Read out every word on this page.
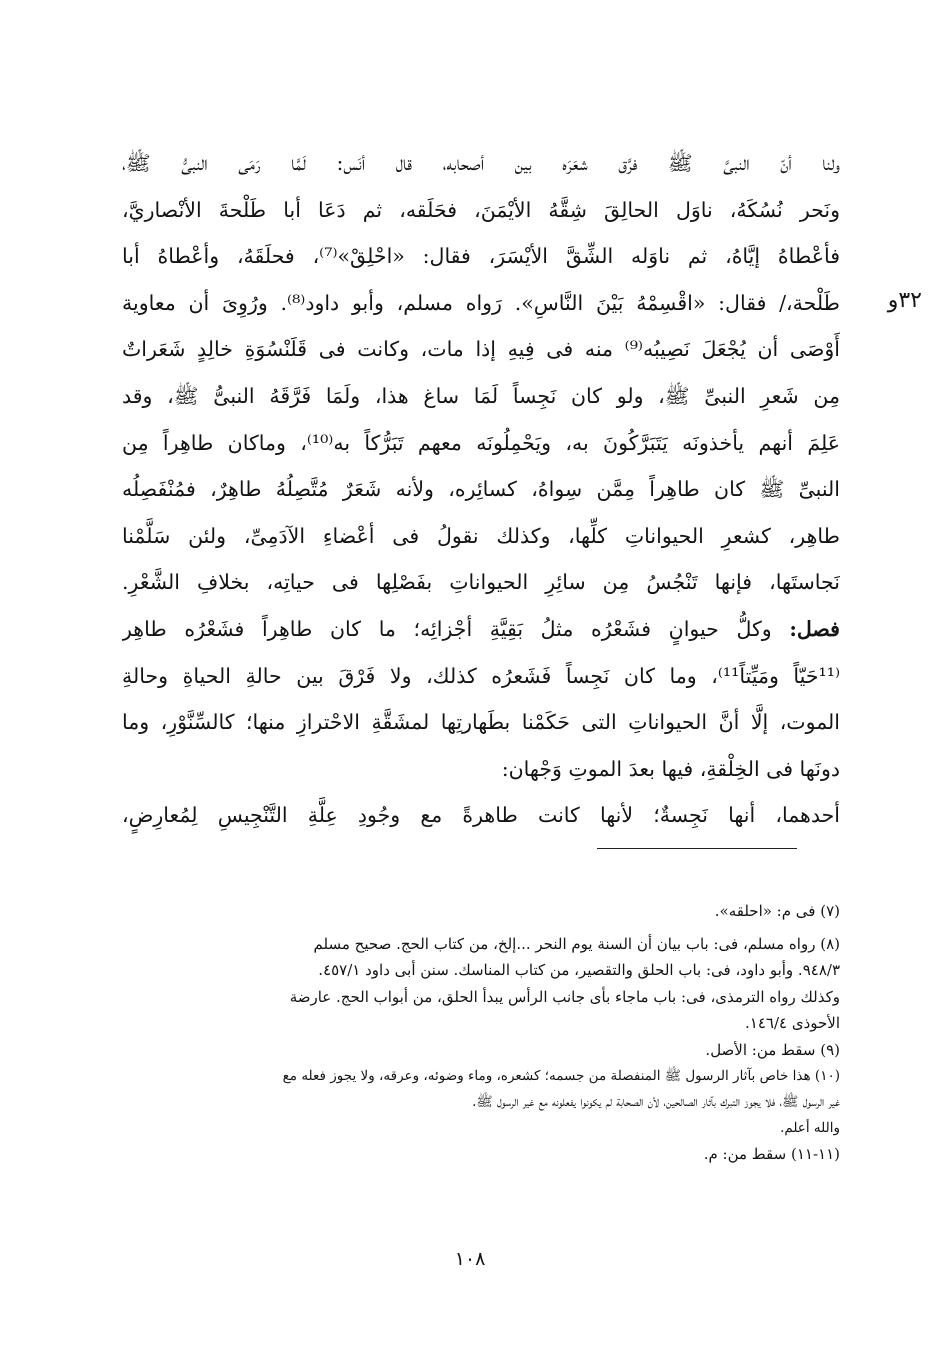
٣٢و
ولنا أنّ النبىَّ ﷺ فرَّق شعَرَه بين أصحابه، قال أنَس: لَمَّا رَمَى النبىُّ ﷺ،
ونَحر نُسُكَهُ، ناوَل الحالِقَ شِقَّهُ الأيْمَنَ، فحَلَقه، ثم دَعَا أبا طَلْحةَ الأنْصاريَّ،
فأعْطاهُ إيَّاهُ، ثم ناوَله الشِّقَّ الأيْسَرَ، فقال: «احْلِقْ»⁽⁷⁾، فحلَقَهُ، وأعْطاهُ أبا
طَلْحة،/ فقال: «اقْسِمْهُ بَيْنَ النَّاسِ». رَواه مسلم، وأبو داود⁽⁸⁾. ورُوِىَ أن معاوية
أَوْصَى أن يُجْعَلَ نَصِيبُه⁽⁹⁾ منه فى فِيهِ إذا مات، وكانت فى قَلَنْسُوَةِ خالِدٍ شَعَراتٌ
مِن شَعرِ النبىِّ ﷺ، ولو كان نَجِساً لَمَا ساغ هذا، ولَمَا فَرَّقَهُ النبىُّ ﷺ، وقد
عَلِمَ أنهم يأخذونَه يَتَبَرَّكُونَ به، ويَحْمِلُونَه معهم تَبَرُّكاً به⁽¹⁰⁾، وماكان طاهِراً مِن
النبىِّ ﷺ كان طاهِراً مِمَّن سِواهُ، كسائِره، ولأنه شَعَرٌ مُتَّصِلُهُ طاهِرٌ، فمُنْفَصِلُه
طاهِر، كشعرِ الحيواناتِ كلِّها، وكذلك نقولُ فى أعْضاءِ الآدَمِىِّ، ولئن سَلَّمْنا
نَجاستَها، فإنها تَنْجُسُ مِن سائِرِ الحيواناتِ بفَصْلِها فى حياتِه، بخلافِ الشَّعْرِ.
فصل: وكلُّ حيوانٍ فشَعْرُه مثلُ بَقِيَّةِ أجْزائِه؛ ما كان طاهِراً فشَعْرُه طاهِر
⁽¹¹حَيّاً ومَيِّتاً¹¹⁾، وما كان نَجِساً فَشَعرُه كذلك، ولا فَرْقَ بين حالةِ الحياةِ وحالةِ
الموت، إلَّا أنَّ الحيواناتِ التى حَكَمْنا بطَهارتِها لمشَقَّةِ الاحْترازِ منها؛ كالسِّنَّوْرِ، وما
دونَها فى الخِلْقةِ، فيها بعدَ الموتِ وَجْهان:
أحدهما، أنها نَجِسةٌ؛ لأنها كانت طاهرةً مع وجُودِ عِلَّةِ التَّنْجِيسِ لِمُعارِضٍ،
(٧) فى م: «احلقه».
(٨) رواه مسلم، فى: باب بيان أن السنة يوم النحر ...إلخ، من كتاب الحج. صحيح مسلم
٩٤٨/٣. وأبو داود، فى: باب الحلق والتقصير، من كتاب المناسك. سنن أبى داود ٤٥٧/١.
وكذلك رواه الترمذى، فى: باب ماجاء بأى جانب الرأس يبدأ الحلق، من أبواب الحج. عارضة
الأحوذى ١٤٦/٤.
(٩) سقط من: الأصل.
(١٠) هذا خاص بآثار الرسول ﷺ المنفصلة من جسمه؛ كشعره، وماء وضوئه، وعرقه، ولا يجوز فعله مع
غير الرسول ﷺ، فلا يجوز التبرك بآثار الصالحين، لأن الصحابة لم يكونوا يفعلونه مع غير الرسول ﷺ.
والله أعلم.
(١١-١١) سقط من: م.
١٠٨
